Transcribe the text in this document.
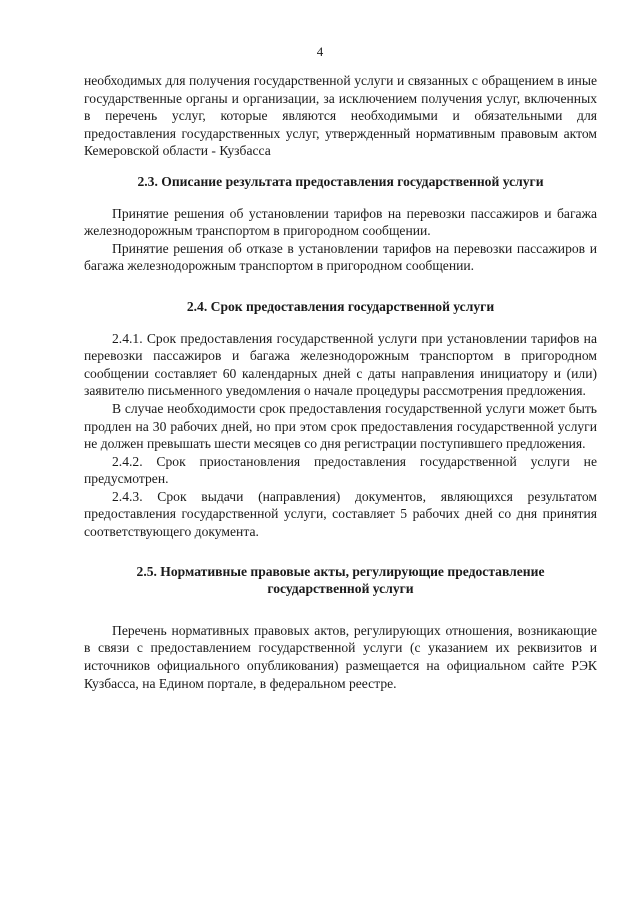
4

необходимых для получения государственной услуги и связанных с обращением в иные государственные органы и организации, за исключением получения услуг, включенных в перечень услуг, которые являются необходимыми и обязательными для предоставления государственных услуг, утвержденный нормативным правовым актом Кемеровской области - Кузбасса

2.3. Описание результата предоставления государственной услуги

Принятие решения об установлении тарифов на перевозки пассажиров и багажа железнодорожным транспортом в пригородном сообщении.

Принятие решения об отказе в установлении тарифов на перевозки пассажиров и багажа железнодорожным транспортом в пригородном сообщении.

2.4. Срок предоставления государственной услуги

2.4.1. Срок предоставления государственной услуги при установлении тарифов на перевозки пассажиров и багажа железнодорожным транспортом в пригородном сообщении составляет 60 календарных дней с даты направления инициатору и (или) заявителю письменного уведомления о начале процедуры рассмотрения предложения.

В случае необходимости срок предоставления государственной услуги может быть продлен на 30 рабочих дней, но при этом срок предоставления государственной услуги не должен превышать шести месяцев со дня регистрации поступившего предложения.

2.4.2. Срок приостановления предоставления государственной услуги не предусмотрен.

2.4.3. Срок выдачи (направления) документов, являющихся результатом предоставления государственной услуги, составляет 5 рабочих дней со дня принятия соответствующего документа.

2.5. Нормативные правовые акты, регулирующие предоставление
государственной услуги

Перечень нормативных правовых актов, регулирующих отношения, возникающие в связи с предоставлением государственной услуги (с указанием их реквизитов и источников официального опубликования) размещается на официальном сайте РЭК Кузбасса, на Едином портале, в федеральном реестре.
